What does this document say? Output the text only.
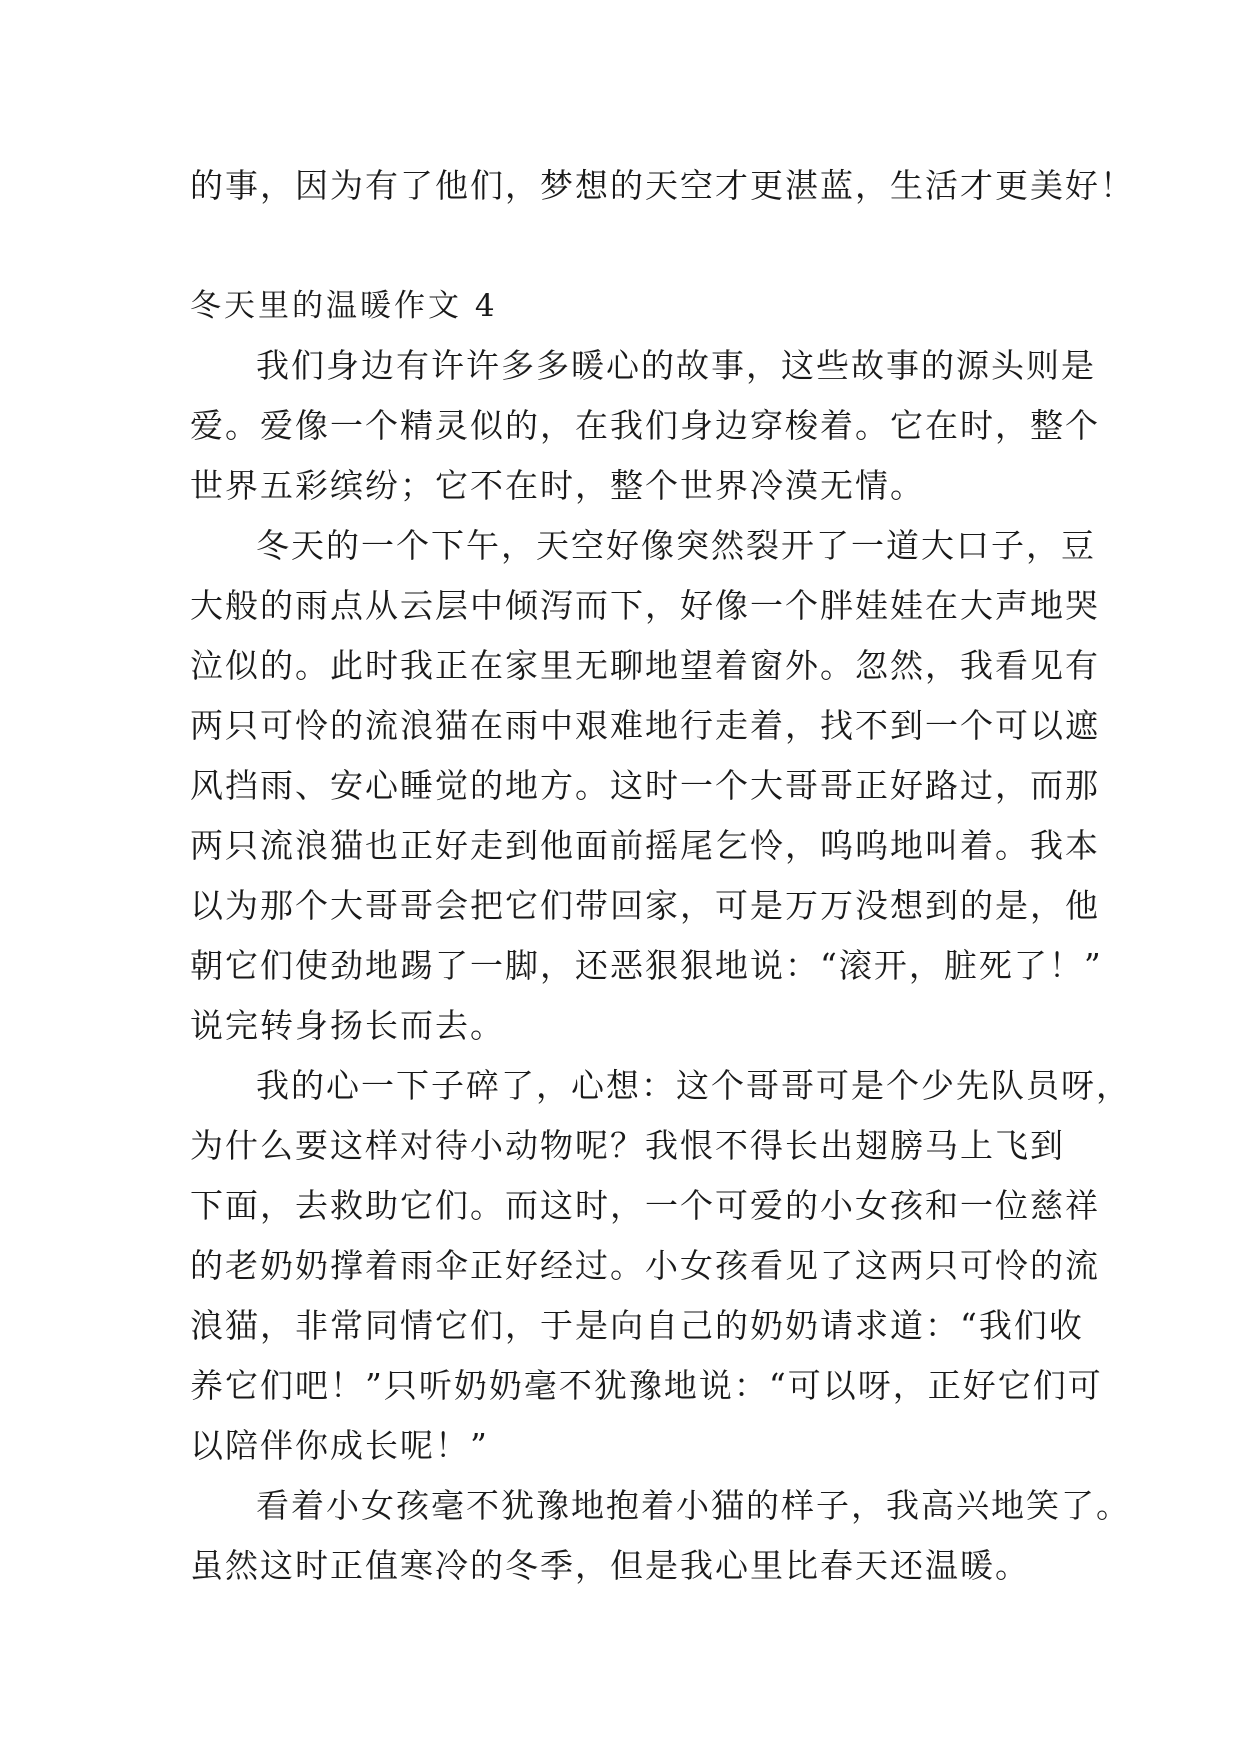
的事，因为有了他们，梦想的天空才更湛蓝，生活才更美好！
冬天里的温暖作文 4
我们身边有许许多多暖心的故事，这些故事的源头则是
爱。爱像一个精灵似的，在我们身边穿梭着。它在时，整个
世界五彩缤纷；它不在时，整个世界冷漠无情。
冬天的一个下午，天空好像突然裂开了一道大口子，豆
大般的雨点从云层中倾泻而下，好像一个胖娃娃在大声地哭
泣似的。此时我正在家里无聊地望着窗外。忽然，我看见有
两只可怜的流浪猫在雨中艰难地行走着，找不到一个可以遮
风挡雨、安心睡觉的地方。这时一个大哥哥正好路过，而那
两只流浪猫也正好走到他面前摇尾乞怜，呜呜地叫着。我本
以为那个大哥哥会把它们带回家，可是万万没想到的是，他
朝它们使劲地踢了一脚，还恶狠狠地说：“滚开，脏死了！”
说完转身扬长而去。
我的心一下子碎了，心想：这个哥哥可是个少先队员呀，
为什么要这样对待小动物呢？我恨不得长出翅膀马上飞到
下面，去救助它们。而这时，一个可爱的小女孩和一位慈祥
的老奶奶撑着雨伞正好经过。小女孩看见了这两只可怜的流
浪猫，非常同情它们，于是向自己的奶奶请求道：“我们收
养它们吧！”只听奶奶毫不犹豫地说：“可以呀，正好它们可
以陪伴你成长呢！”
看着小女孩毫不犹豫地抱着小猫的样子，我高兴地笑了。
虽然这时正值寒冷的冬季，但是我心里比春天还温暖。
